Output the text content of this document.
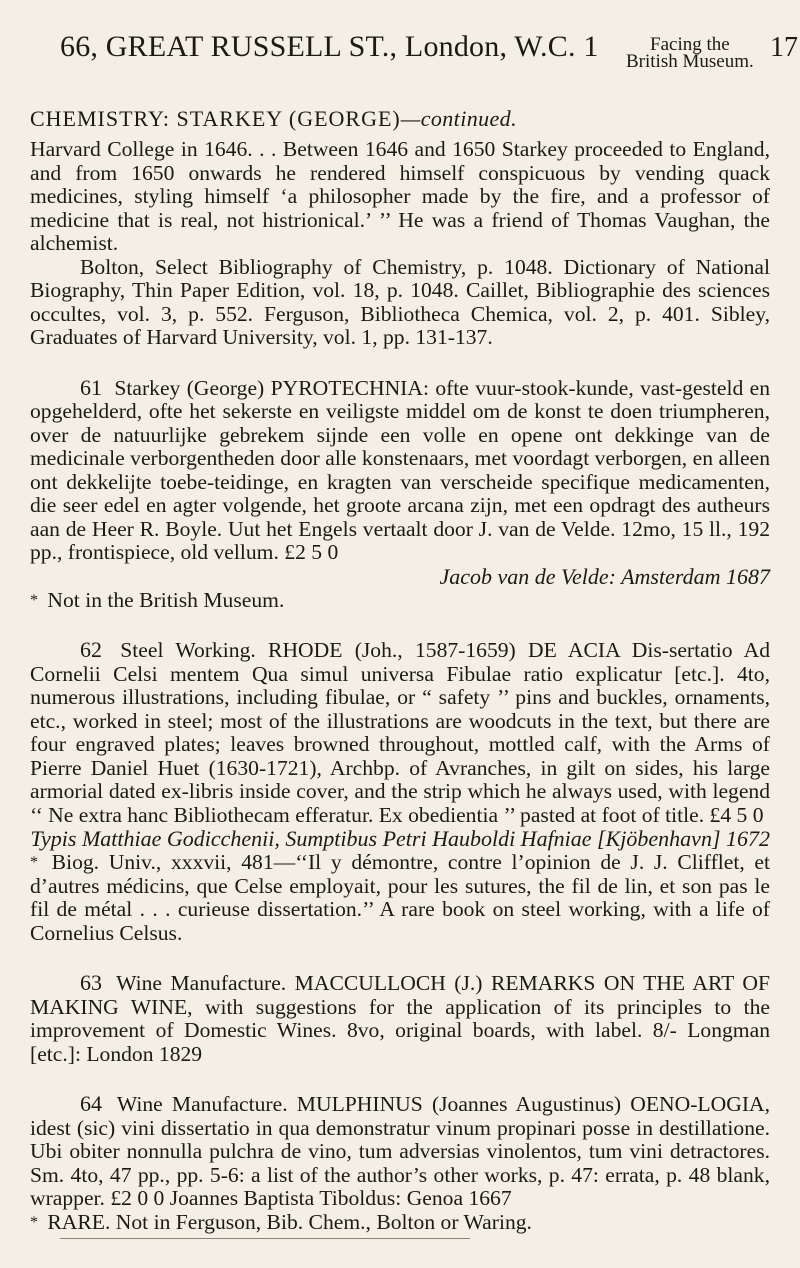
66, GREAT RUSSELL ST., London, W.C. 1	Facing the
British Museum. 17
CHEMISTRY: STARKEY (GEORGE)—continued.

Harvard College in 1646. . . Between 1646 and 1650 Starkey proceeded to England, and from 1650 onwards he rendered himself conspicuous by vending quack medicines, styling himself ‘a philosopher made by the fire, and a professor of medicine that is real, not histrionical.’ ’’ He was a friend of Thomas Vaughan, the alchemist.

Bolton, Select Bibliography of Chemistry, p. 1048. Dictionary of National Biography, Thin Paper Edition, vol. 18, p. 1048. Caillet, Bibliographie des sciences occultes, vol. 3, p. 552. Ferguson, Bibliotheca Chemica, vol. 2, p. 401. Sibley, Graduates of Harvard University, vol. 1, pp. 131-137.

61 Starkey (George) PYROTECHNIA: ofte vuur-stook-kunde, vast-gesteld en opgehelderd, ofte het sekerste en veiligste middel om de konst te doen triumpheren, over de natuurlijke gebrekem sijnde een volle en opene ont dekkinge van de medicinale verborgentheden door alle konstenaars, met voordagt verborgen, en alleen ont dekkelijte toebe-teidinge, en kragten van verscheide specifique medicamenten, die seer edel en agter volgende, het groote arcana zijn, met een opdragt des autheurs aan de Heer R. Boyle. Uut het Engels vertaalt door J. van de Velde. 12mo, 15 ll., 192 pp., frontispiece, old vellum. £2 5 0

Jacob van de Velde: Amsterdam 1687
* Not in the British Museum.

62 Steel Working. RHODE (Joh., 1587-1659) DE ACIA Dis-sertatio Ad Cornelii Celsi mentem Qua simul universa Fibulae ratio explicatur [etc.]. 4to, numerous illustrations, including fibulae, or “ safety ’’ pins and buckles, ornaments, etc., worked in steel; most of the illustrations are woodcuts in the text, but there are four engraved plates; leaves browned throughout, mottled calf, with the Arms of Pierre Daniel Huet (1630-1721), Archbp. of Avranches, in gilt on sides, his large armorial dated ex-libris inside cover, and the strip which he always used, with legend ‘‘ Ne extra hanc Bibliothecam efferatur. Ex obedientia ’’ pasted at foot of title. £4 5 0

Typis Matthiae Godicchenii, Sumptibus Petri Hauboldi Hafniae [Kjöbenhavn] 1672
* Biog. Univ., xxxvii, 481—‘‘Il y démontre, contre l’opinion de J. J. Clifflet, et d’autres médicins, que Celse employait, pour les sutures, the fil de lin, et son pas le fil de métal . . . curieuse dissertation.’’ A rare book on steel working, with a life of Cornelius Celsus.

63 Wine Manufacture. MACCULLOCH (J.) REMARKS ON THE ART OF MAKING WINE, with suggestions for the application of its principles to the improvement of Domestic Wines. 8vo, original boards, with label. 8/- Longman [etc.]: London 1829

64 Wine Manufacture. MULPHINUS (Joannes Augustinus) OENO-LOGIA, idest (sic) vini dissertatio in qua demonstratur vinum propinari posse in destillatione. Ubi obiter nonnulla pulchra de vino, tum adversias vinolentos, tum vini detractores. Sm. 4to, 47 pp., pp. 5-6: a list of the author’s other works, p. 47: errata, p. 48 blank, wrapper. £2 0 0 Joannes Baptista Tiboldus: Genoa 1667

* RARE. Not in Ferguson, Bib. Chem., Bolton or Waring.
